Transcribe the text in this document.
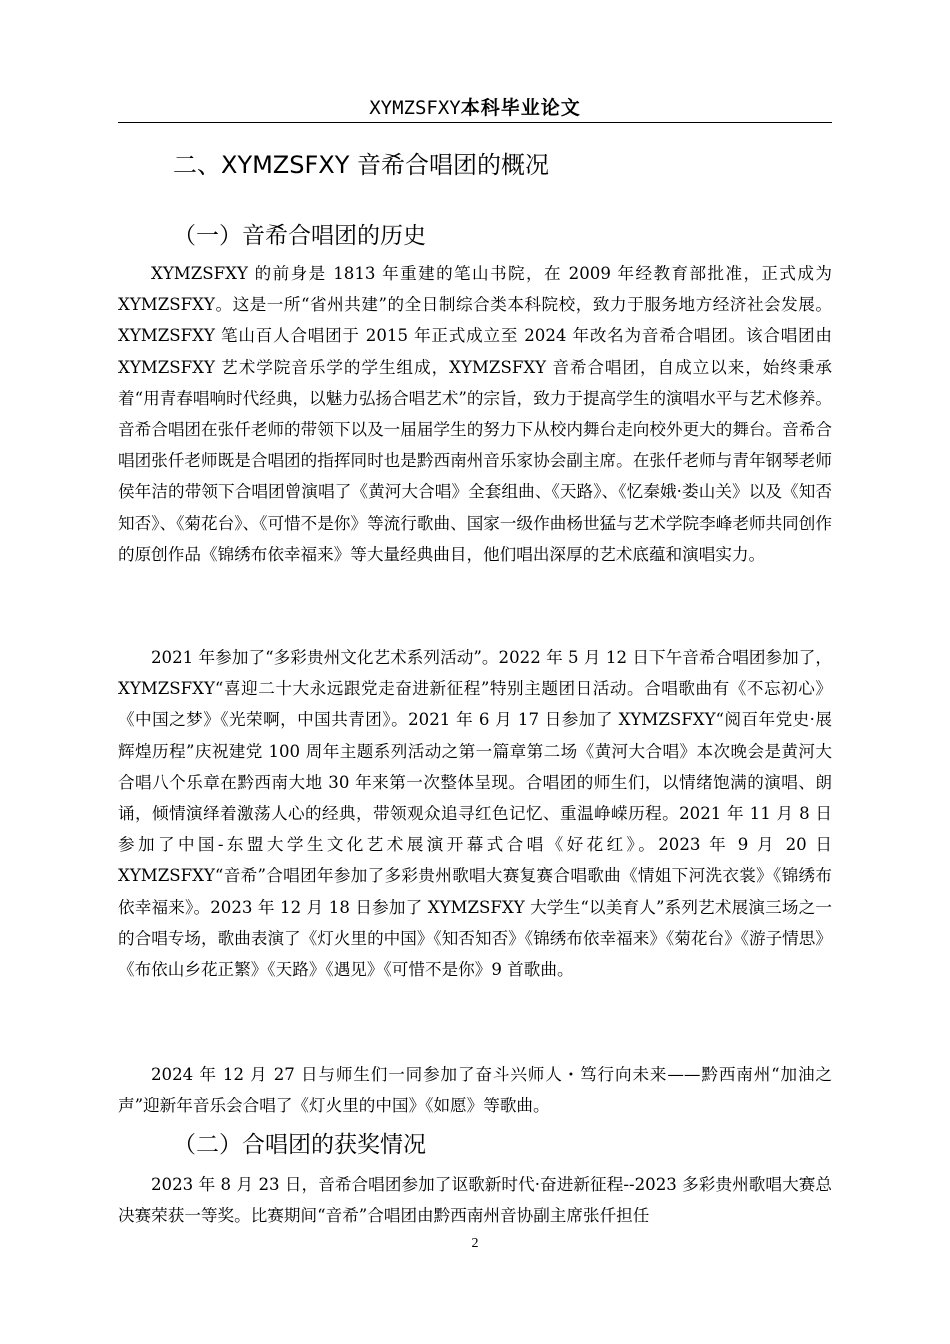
XYMZSFXY本科毕业论文
二、XYMZSFXY 音希合唱团的概况
（一）音希合唱团的历史

XYMZSFXY 的前身是 1813 年重建的笔山书院，在 2009 年经教育部批准，正式成为 XYMZSFXY。这是一所“省州共建”的全日制综合类本科院校，致力于服务地方经济社会发展。XYMZSFXY 笔山百人合唱团于 2015 年正式成立至 2024 年改名为音希合唱团。该合唱团由 XYMZSFXY 艺术学院音乐学的学生组成，XYMZSFXY 音希合唱团，自成立以来，始终秉承着“用青春唱响时代经典，以魅力弘扬合唱艺术”的宗旨，致力于提高学生的演唱水平与艺术修养。音希合唱团在张仟老师的带领下以及一届届学生的努力下从校内舞台走向校外更大的舞台。音希合唱团张仟老师既是合唱团的指挥同时也是黔西南州音乐家协会副主席。在张仟老师与青年钢琴老师侯年洁的带领下合唱团曾演唱了《黄河大合唱》全套组曲、《天路》、《忆秦娥·娄山关》以及《知否知否》、《菊花台》、《可惜不是你》等流行歌曲、国家一级作曲杨世猛与艺术学院李峰老师共同创作的原创作品《锦绣布依幸福来》等大量经典曲目，他们唱出深厚的艺术底蕴和演唱实力。

2021 年参加了“多彩贵州文化艺术系列活动”。2022 年 5 月 12 日下午音希合唱团参加了，XYMZSFXY“喜迎二十大永远跟党走奋进新征程”特别主题团日活动。合唱歌曲有《不忘初心》《中国之梦》《光荣啊，中国共青团》。2021 年 6 月 17 日参加了 XYMZSFXY“阅百年党史·展辉煌历程”庆祝建党 100 周年主题系列活动之第一篇章第二场《黄河大合唱》本次晚会是黄河大合唱八个乐章在黔西南大地 30 年来第一次整体呈现。合唱团的师生们，以情绪饱满的演唱、朗诵，倾情演绎着激荡人心的经典，带领观众追寻红色记忆、重温峥嵘历程。2021 年 11 月 8 日参加了中国-东盟大学生文化艺术展演开幕式合唱《好花红》。2023 年 9 月 20 日 XYMZSFXY“音希”合唱团年参加了多彩贵州歌唱大赛复赛合唱歌曲《情姐下河洗衣裳》《锦绣布依幸福来》。2023 年 12 月 18 日参加了 XYMZSFXY 大学生“以美育人”系列艺术展演三场之一的合唱专场，歌曲表演了《灯火里的中国》《知否知否》《锦绣布依幸福来》《菊花台》《游子情思》《布依山乡花正繁》《天路》《遇见》《可惜不是你》9 首歌曲。

2024 年 12 月 27 日与师生们一同参加了奋斗兴师人・笃行向未来——黔西南州“加油之声”迎新年音乐会合唱了《灯火里的中国》《如愿》等歌曲。

（二）合唱团的获奖情况

2023 年 8 月 23 日，音希合唱团参加了讴歌新时代·奋进新征程--2023 多彩贵州歌唱大赛总决赛荣获一等奖。比赛期间“音希”合唱团由黔西南州音协副主席张仟担任

2
